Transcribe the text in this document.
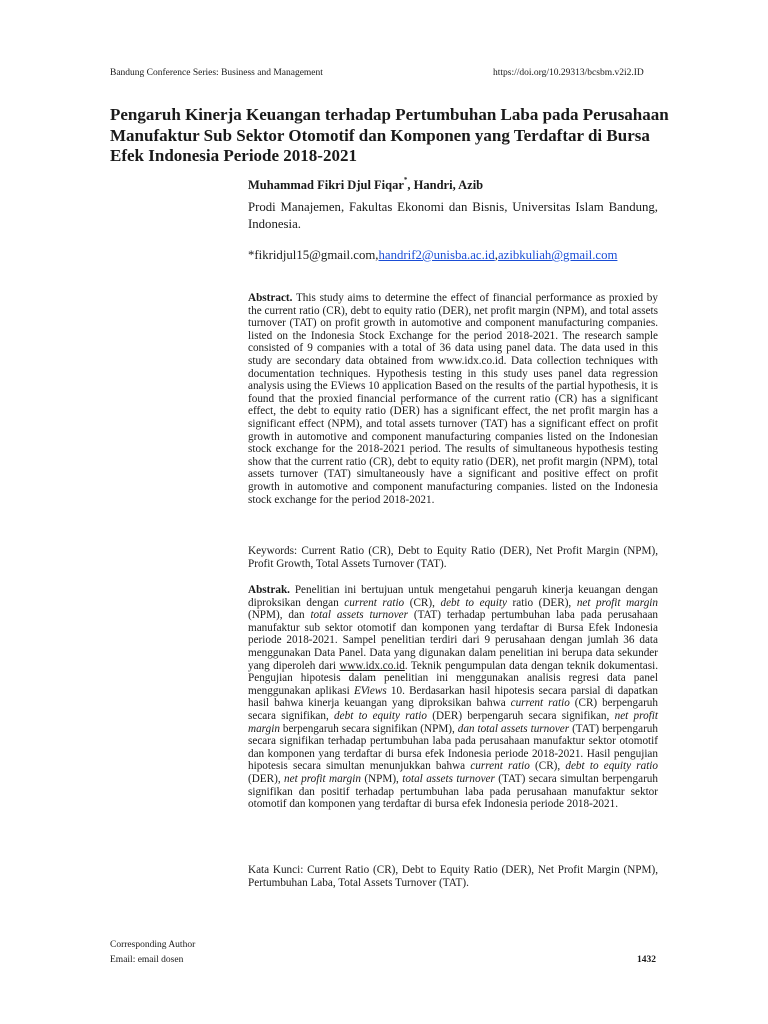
Bandung Conference Series: Business and Management	https://doi.org/10.29313/bcsbm.v2i2.ID
Pengaruh Kinerja Keuangan terhadap Pertumbuhan Laba pada Perusahaan Manufaktur Sub Sektor Otomotif dan Komponen yang Terdaftar di Bursa Efek Indonesia Periode 2018-2021
Muhammad Fikri Djul Fiqar*, Handri, Azib
Prodi Manajemen, Fakultas Ekonomi dan Bisnis, Universitas Islam Bandung, Indonesia.
*fikridjul15@gmail.com,handrif2@unisba.ac.id,azibkuliah@gmail.com

Abstract. This study aims to determine the effect of financial performance as proxied by the current ratio (CR), debt to equity ratio (DER), net profit margin (NPM), and total assets turnover (TAT) on profit growth in automotive and component manufacturing companies. listed on the Indonesia Stock Exchange for the period 2018-2021. The research sample consisted of 9 companies with a total of 36 data using panel data. The data used in this study are secondary data obtained from www.idx.co.id. Data collection techniques with documentation techniques. Hypothesis testing in this study uses panel data regression analysis using the EViews 10 application Based on the results of the partial hypothesis, it is found that the proxied financial performance of the current ratio (CR) has a significant effect, the debt to equity ratio (DER) has a significant effect, the net profit margin has a significant effect (NPM), and total assets turnover (TAT) has a significant effect on profit growth in automotive and component manufacturing companies listed on the Indonesian stock exchange for the 2018-2021 period. The results of simultaneous hypothesis testing show that the current ratio (CR), debt to equity ratio (DER), net profit margin (NPM), total assets turnover (TAT) simultaneously have a significant and positive effect on profit growth in automotive and component manufacturing companies. listed on the Indonesia stock exchange for the period 2018-2021.

Keywords: Current Ratio (CR), Debt to Equity Ratio (DER), Net Profit Margin (NPM), Profit Growth, Total Assets Turnover (TAT).

Abstrak. Penelitian ini bertujuan untuk mengetahui pengaruh kinerja keuangan dengan diproksikan dengan current ratio (CR), debt to equity ratio (DER), net profit margin (NPM), dan total assets turnover (TAT) terhadap pertumbuhan laba pada perusahaan manufaktur sub sektor otomotif dan komponen yang terdaftar di Bursa Efek Indonesia periode 2018-2021. Sampel penelitian terdiri dari 9 perusahaan dengan jumlah 36 data menggunakan Data Panel. Data yang digunakan dalam penelitian ini berupa data sekunder yang diperoleh dari www.idx.co.id. Teknik pengumpulan data dengan teknik dokumentasi. Pengujian hipotesis dalam penelitian ini menggunakan analisis regresi data panel menggunakan aplikasi EViews 10. Berdasarkan hasil hipotesis secara parsial di dapatkan hasil bahwa kinerja keuangan yang diproksikan bahwa current ratio (CR) berpengaruh secara signifikan, debt to equity ratio (DER) berpengaruh secara signifikan, net profit margin berpengaruh secara signifikan (NPM), dan total assets turnover (TAT) berpengaruh secara signifikan terhadap pertumbuhan laba pada perusahaan manufaktur sektor otomotif dan komponen yang terdaftar di bursa efek Indonesia periode 2018-2021. Hasil pengujian hipotesis secara simultan menunjukkan bahwa current ratio (CR), debt to equity ratio (DER), net profit margin (NPM), total assets turnover (TAT) secara simultan berpengaruh signifikan dan positif terhadap pertumbuhan laba pada perusahaan manufaktur sektor otomotif dan komponen yang terdaftar di bursa efek Indonesia periode 2018-2021.

Kata Kunci: Current Ratio (CR), Debt to Equity Ratio (DER), Net Profit Margin (NPM), Pertumbuhan Laba, Total Assets Turnover (TAT).

Corresponding Author
Email: email dosen	1432
